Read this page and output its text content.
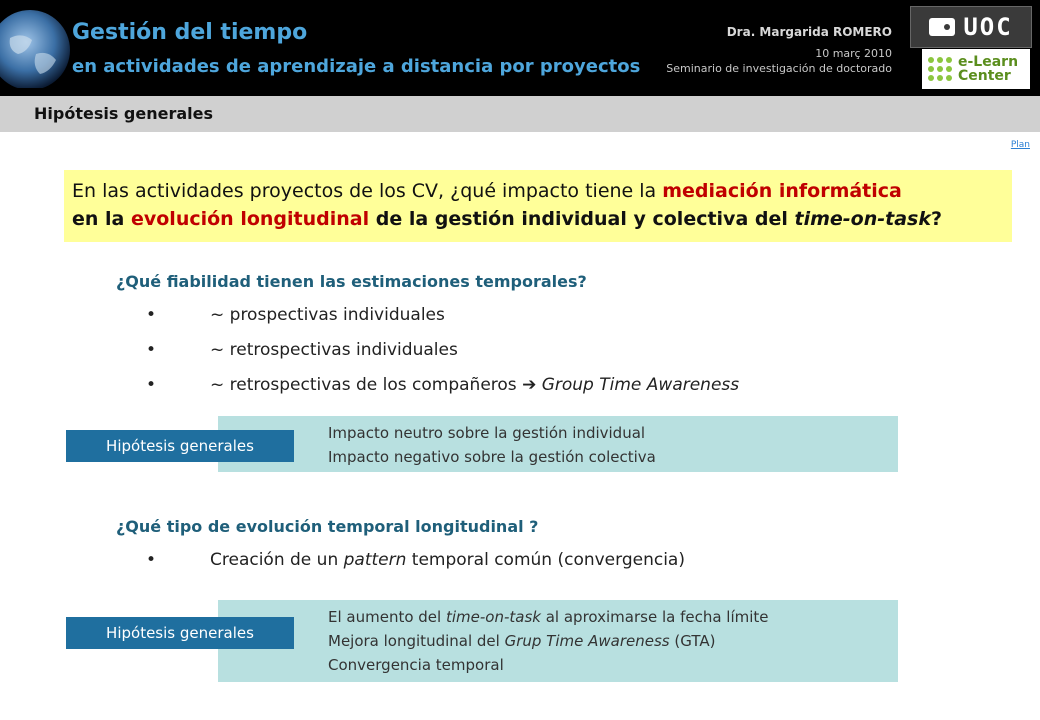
Gestión del tiempo
en actividades de aprendizaje a distancia por proyectos
Dra. Margarida ROMERO
10 març 2010
Seminario de investigación de doctorado
UOC
e-Learn
Center
Hipótesis generales
Plan
En las actividades proyectos de los CV, ¿qué impacto tiene la mediación informática
en la evolución longitudinal de la gestión individual y colectiva del time-on-task?
¿Qué fiabilidad tienen las estimaciones temporales?
•	~ prospectivas individuales
•	~ retrospectivas individuales
•	~ retrospectivas de los compañeros ➔ Group Time Awareness
Impacto neutro sobre la gestión individual
Impacto negativo sobre la gestión colectiva
Hipótesis generales
¿Qué tipo de evolución temporal longitudinal ?
•	Creación de un pattern temporal común (convergencia)
El aumento del time-on-task al aproximarse la fecha límite
Mejora longitudinal del Grup Time Awareness (GTA)
Convergencia temporal
Hipótesis generales
